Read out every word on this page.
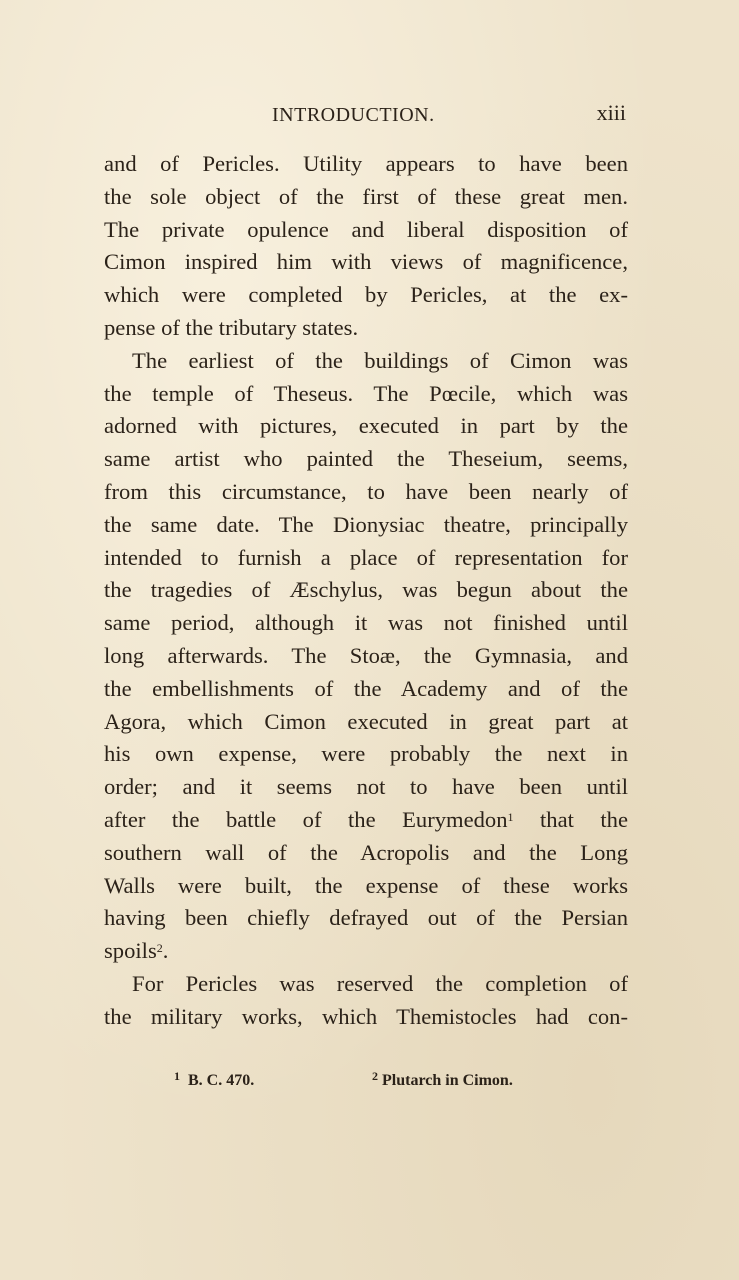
INTRODUCTION.	xiii
and of Pericles. Utility appears to have been
the sole object of the first of these great men.
The private opulence and liberal disposition of
Cimon inspired him with views of magnificence,
which were completed by Pericles, at the ex-
pense of the tributary states.
The earliest of the buildings of Cimon was
the temple of Theseus. The Pœcile, which was
adorned with pictures, executed in part by the
same artist who painted the Theseium, seems,
from this circumstance, to have been nearly of
the same date. The Dionysiac theatre, principally
intended to furnish a place of representation for
the tragedies of Æschylus, was begun about the
same period, although it was not finished until
long afterwards. The Stoæ, the Gymnasia, and
the embellishments of the Academy and of the
Agora, which Cimon executed in great part at
his own expense, were probably the next in
order; and it seems not to have been until
after the battle of the Eurymedon$^1$ that the
southern wall of the Acropolis and the Long
Walls were built, the expense of these works
having been chiefly defrayed out of the Persian
spoils$^2$.
For Pericles was reserved the completion of
the military works, which Themistocles had con-
$^1$ B. C. 470.	$^2$ Plutarch in Cimon.
